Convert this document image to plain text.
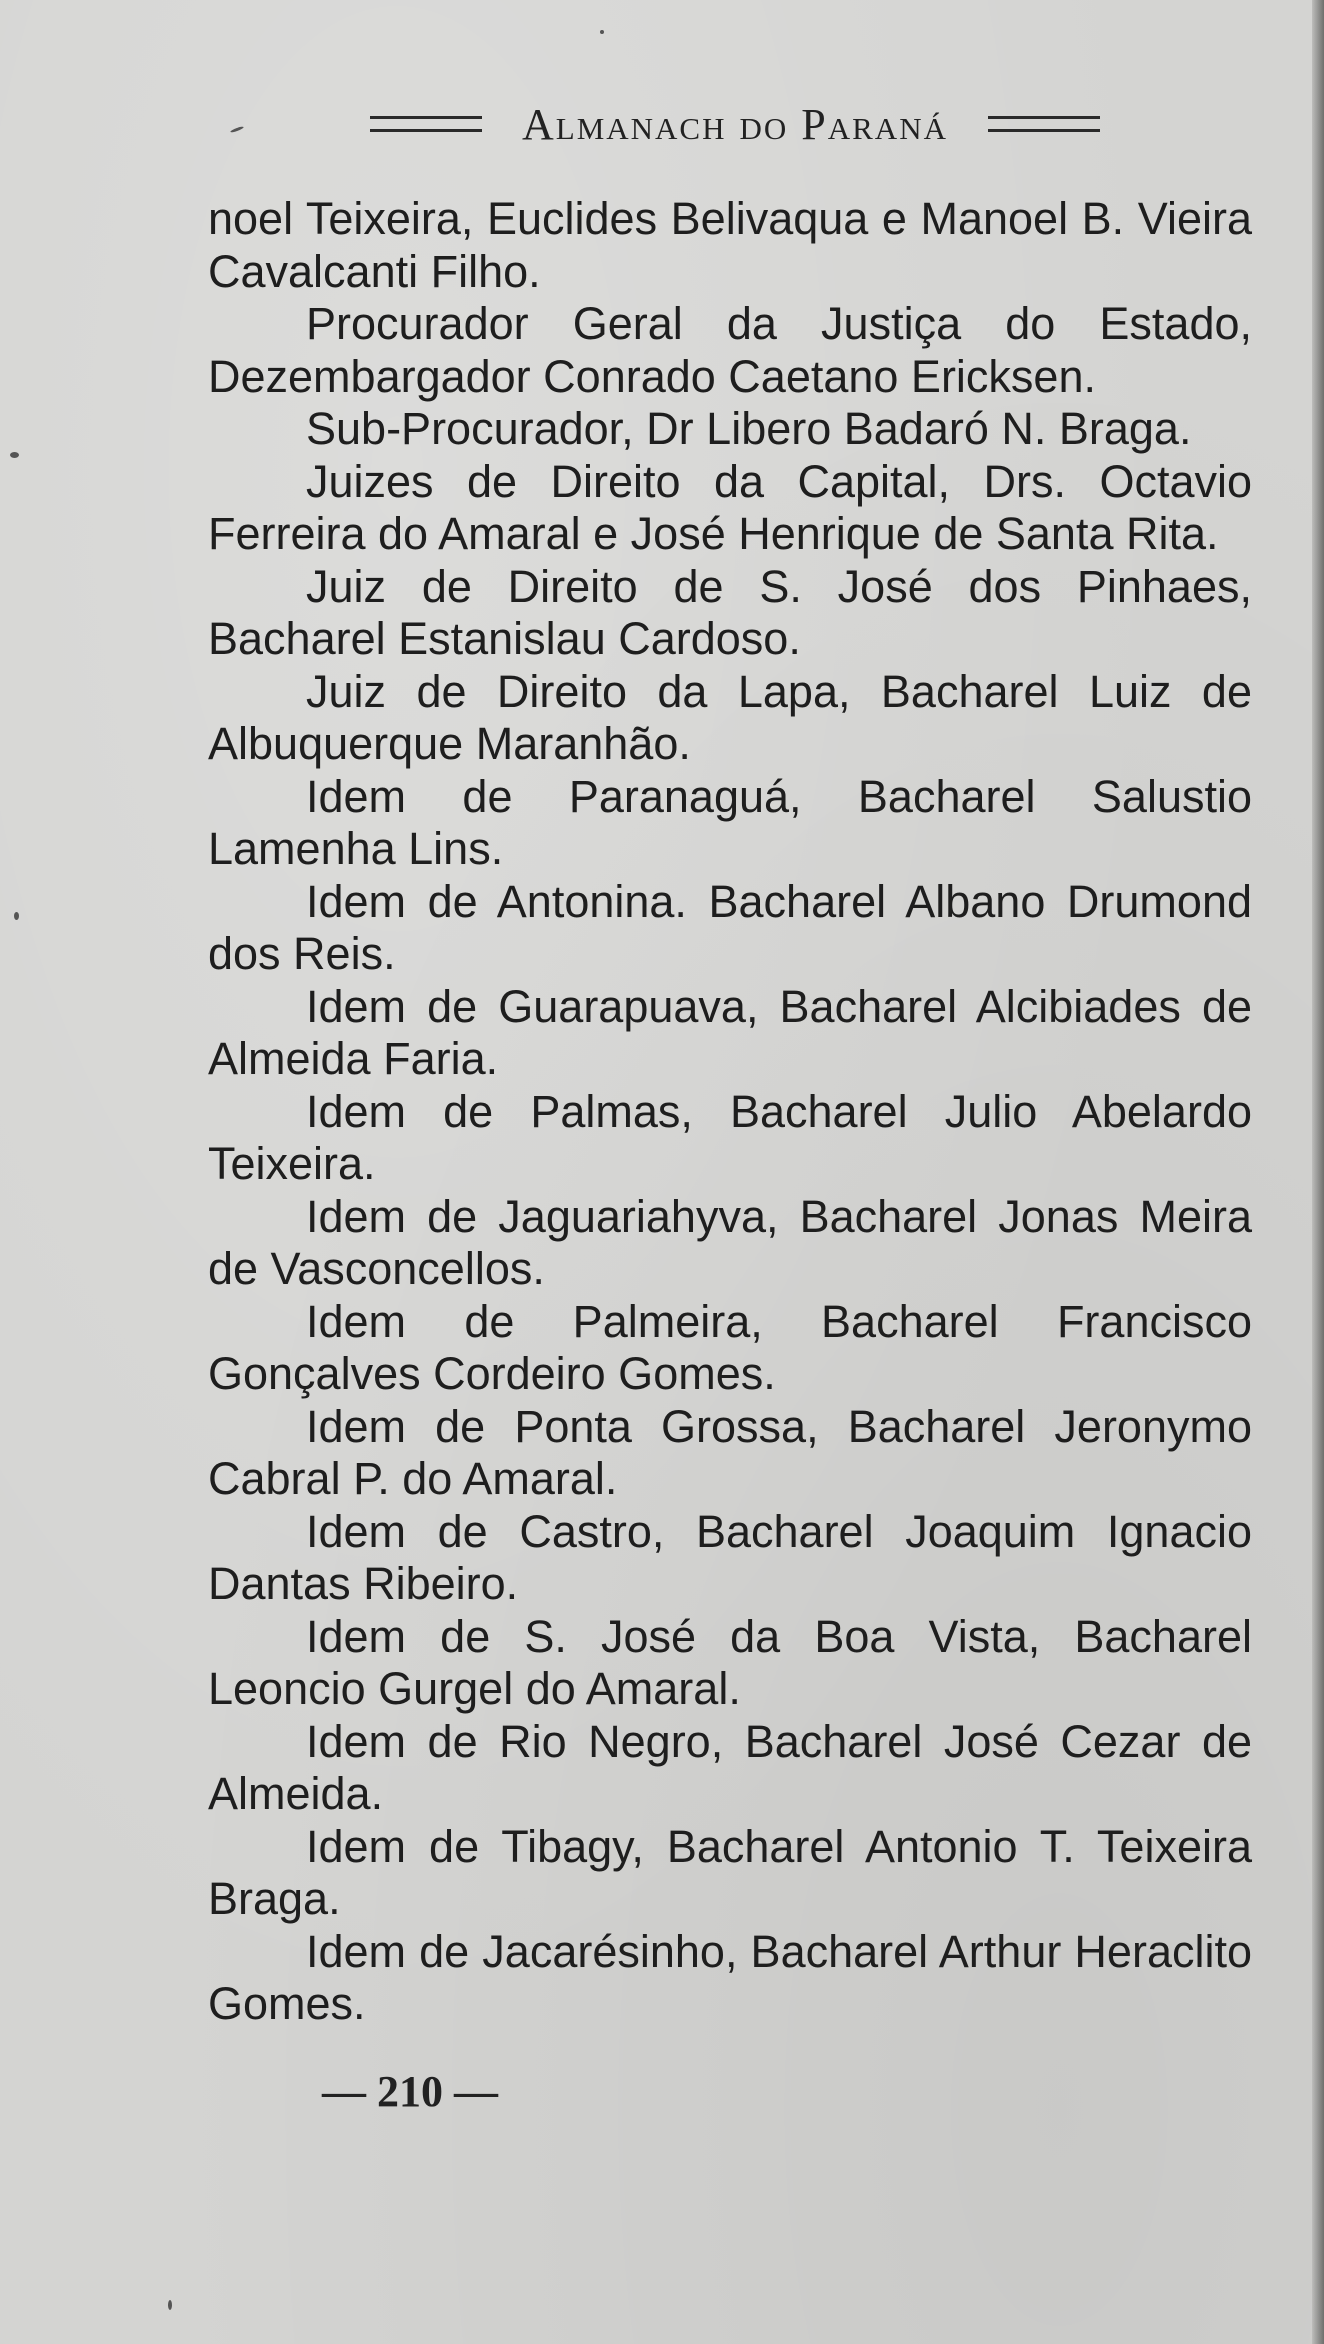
Almanach do Paraná

noel Teixeira, Euclides Belivaqua e Manoel B. Vieira Cavalcanti Filho.

Procurador Geral da Justiça do Estado, Dezembargador Conrado Caetano Ericksen.

Sub-Procurador, Dr Libero Badaró N. Braga.

Juizes de Direito da Capital, Drs. Octavio Ferreira do Amaral e José Henrique de Santa Rita.

Juiz de Direito de S. José dos Pinhaes, Bacharel Estanislau Cardoso.

Juiz de Direito da Lapa, Bacharel Luiz de Albuquerque Maranhão.

Idem de Paranaguá, Bacharel Salustio Lamenha Lins.

Idem de Antonina. Bacharel Albano Drumond dos Reis.

Idem de Guarapuava, Bacharel Alcibiades de Almeida Faria.

Idem de Palmas, Bacharel Julio Abelardo Teixeira.

Idem de Jaguariahyva, Bacharel Jonas Meira de Vasconcellos.

Idem de Palmeira, Bacharel Francisco Gonçalves Cordeiro Gomes.

Idem de Ponta Grossa, Bacharel Jeronymo Cabral P. do Amaral.

Idem de Castro, Bacharel Joaquim Ignacio Dantas Ribeiro.

Idem de S. José da Boa Vista, Bacharel Leoncio Gurgel do Amaral.

Idem de Rio Negro, Bacharel José Cezar de Almeida.

Idem de Tibagy, Bacharel Antonio T. Teixeira Braga.

Idem de Jacarésinho, Bacharel Arthur Heraclito Gomes.

— 210 —
